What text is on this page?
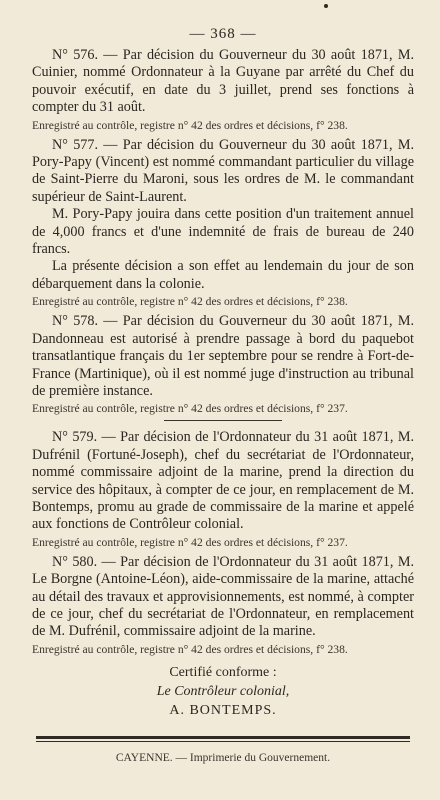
— 368 —

N° 576. — Par décision du Gouverneur du 30 août 1871, M. Cuinier, nommé Ordonnateur à la Guyane par arrêté du Chef du pouvoir exécutif, en date du 3 juillet, prend ses fonctions à compter du 31 août.

Enregistré au contrôle, registre n° 42 des ordres et décisions, f° 238.

N° 577. — Par décision du Gouverneur du 30 août 1871, M. Pory-Papy (Vincent) est nommé commandant particulier du village de Saint-Pierre du Maroni, sous les ordres de M. le commandant supérieur de Saint-Laurent.

M. Pory-Papy jouira dans cette position d'un traitement annuel de 4,000 francs et d'une indemnité de frais de bureau de 240 francs.

La présente décision a son effet au lendemain du jour de son débarquement dans la colonie.

Enregistré au contrôle, registre n° 42 des ordres et décisions, f° 238.

N° 578. — Par décision du Gouverneur du 30 août 1871, M. Dandonneau est autorisé à prendre passage à bord du paquebot transatlantique français du 1er septembre pour se rendre à Fort-de-France (Martinique), où il est nommé juge d'instruction au tribunal de première instance.

Enregistré au contrôle, registre n° 42 des ordres et décisions, f° 237.

N° 579. — Par décision de l'Ordonnateur du 31 août 1871, M. Dufrénil (Fortuné-Joseph), chef du secrétariat de l'Ordonnateur, nommé commissaire adjoint de la marine, prend la direction du service des hôpitaux, à compter de ce jour, en remplacement de M. Bontemps, promu au grade de commissaire de la marine et appelé aux fonctions de Contrôleur colonial.

Enregistré au contrôle, registre n° 42 des ordres et décisions, f° 237.

N° 580. — Par décision de l'Ordonnateur du 31 août 1871, M. Le Borgne (Antoine-Léon), aide-commissaire de la marine, attaché au détail des travaux et approvisionnements, est nommé, à compter de ce jour, chef du secrétariat de l'Ordonnateur, en remplacement de M. Dufrénil, commissaire adjoint de la marine.

Enregistré au contrôle, registre n° 42 des ordres et décisions, f° 238.

Certifié conforme :
Le Contrôleur colonial,
A. BONTEMPS.
CAYENNE. — Imprimerie du Gouvernement.
